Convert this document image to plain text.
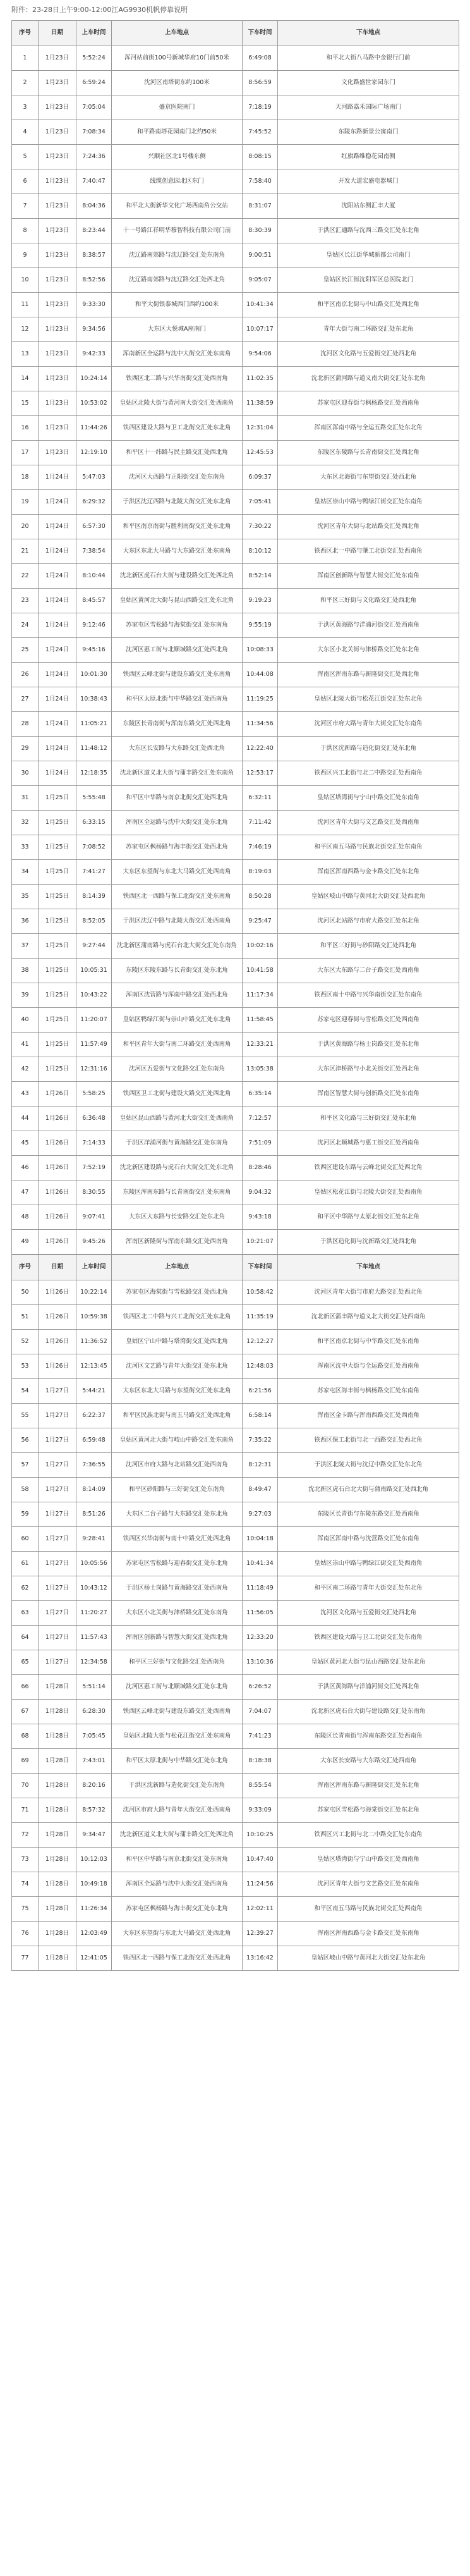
附件：23-28日上午9:00-12:00江AG9930机帆停靠说明
序号	日期	上车时间	上车地点	下车时间	下车地点
1	1月23日	5:52:24	浑河站前街100号新城华府10门前50米	6:49:08	和平北大街八马路中金银行门前
2	1月23日	6:59:24	沈河区南塔街东约100米	8:56:59	文化路盛世家园东门
3	1月23日	7:05:04	盛京医院南门	7:18:19	天河路嘉禾国际广场南门
4	1月23日	7:08:34	和平路南塔花园南门北约50米	7:45:52	东陵东路新景公寓南门
5	1月23日	7:24:36	兴顺社区北1号楼东侧	8:08:15	红旗路维稳花园南侧
6	1月23日	7:40:47	线缆创意园北区东门	7:58:40	开发大道宏盛电器城门
7	1月23日	8:04:36	和平北大街新华文化广场西南角公交站	8:31:07	沈阳站东侧汇丰大厦
8	1月23日	8:23:44	十一号路江祥明华穆智科技有限公司门前	8:30:39	于洪区汇通路与沈西三路交汇处东北角
9	1月23日	8:38:57	沈辽路南郊路与沈辽路交汇处东南角	9:00:51	皇姑区长江街华城新都公司南门
10	1月23日	8:52:56	沈辽路南郊路与沈辽路交汇处西北角	9:05:07	皇姑区长江街沈阳军区总医院北门
11	1月23日	9:33:30	和平大街银泰城西门西约100米	10:41:34	和平区南京北街与中山路交汇处西北角
12	1月23日	9:34:56	大东区大悦城A座南门	10:07:17	青年大街与南二环路交汇处东北角
13	1月23日	9:42:33	浑南新区全运路与沈中大街交汇处东南角	9:54:06	沈河区文化路与五爱街交汇处西北角
14	1月23日	10:24:14	铁西区北二路与兴华南街交汇处西南角	11:02:35	沈北新区蒲河路与道义南大街交汇处东北角
15	1月23日	10:53:02	皇姑区北陵大街与黄河南大街交汇处西南角	11:38:59	苏家屯区迎春街与枫杨路交汇处西南角
16	1月23日	11:44:26	铁西区建设大路与卫工北街交汇处东北角	12:31:04	浑南区浑南中路与全运五路交汇处东北角
17	1月23日	12:19:10	和平区十一纬路与民主路交汇处西北角	12:45:53	东陵区东陵路与长青南街交汇处西北角
18	1月24日	5:47:03	沈河区大西路与正阳街交汇处东南角	6:09:37	大东区北海街与东望街交汇处西北角
19	1月24日	6:29:32	于洪区沈辽西路与北陵大街交汇处东北角	7:05:41	皇姑区崇山中路与鸭绿江街交汇处东南角
20	1月24日	6:57:30	和平区南京南街与胜利南街交汇处东北角	7:30:22	沈河区青年大街与北站路交汇处西北角
21	1月24日	7:38:54	大东区东北大马路与大东路交汇处东南角	8:10:12	铁西区北一中路与肇工北街交汇处西南角
22	1月24日	8:10:44	沈北新区虎石台大街与建设路交汇处西北角	8:52:14	浑南区创新路与智慧大街交汇处东南角
23	1月24日	8:45:57	皇姑区黄河北大街与昆山西路交汇处东北角	9:19:23	和平区三好街与文化路交汇处西北角
24	1月24日	9:12:46	苏家屯区雪松路与海棠街交汇处东南角	9:55:19	于洪区黄海路与洋浦河街交汇处西南角
25	1月24日	9:45:16	沈河区惠工街与北顺城路交汇处西北角	10:08:33	大东区小北关街与津桥路交汇处东北角
26	1月24日	10:01:30	铁西区云峰北街与建设东路交汇处东南角	10:44:08	浑南区浑南东路与新隆街交汇处西北角
27	1月24日	10:38:43	和平区太原北街与中华路交汇处西南角	11:19:25	皇姑区北陵大街与松花江街交汇处东北角
28	1月24日	11:05:21	东陵区长青南街与浑南东路交汇处西北角	11:34:56	沈河区市府大路与青年大街交汇处东南角
29	1月24日	11:48:12	大东区长安路与大东路交汇处西北角	12:22:40	于洪区沈新路与造化街交汇处东北角
30	1月24日	12:18:35	沈北新区道义北大街与蒲丰路交汇处东南角	12:53:17	铁西区兴工北街与北二中路交汇处西南角
31	1月25日	5:55:48	和平区中华路与南京北街交汇处西北角	6:32:11	皇姑区塔湾街与宁山中路交汇处东南角
32	1月25日	6:33:15	浑南区全运路与沈中大街交汇处东北角	7:11:42	沈河区青年大街与文艺路交汇处西南角
33	1月25日	7:08:52	苏家屯区枫杨路与海丰街交汇处西北角	7:46:19	和平区南五马路与民族北街交汇处东南角
34	1月25日	7:41:27	大东区东望街与东北大马路交汇处西南角	8:19:03	浑南区浑南西路与金卡路交汇处东北角
35	1月25日	8:14:39	铁西区北一西路与保工北街交汇处东南角	8:50:28	皇姑区岐山中路与黄河北大街交汇处西北角
36	1月25日	8:52:05	于洪区沈辽中路与北陵大街交汇处西南角	9:25:47	沈河区北站路与市府大路交汇处东北角
37	1月25日	9:27:44	沈北新区蒲南路与虎石台北大街交汇处东南角	10:02:16	和平区三好街与砂阳路交汇处西北角
38	1月25日	10:05:31	东陵区东陵东路与长青街交汇处东北角	10:41:58	大东区大东路与二台子路交汇处西南角
39	1月25日	10:43:22	浑南区沈营路与浑南中路交汇处西北角	11:17:34	铁西区南十中路与兴华南街交汇处东南角
40	1月25日	11:20:07	皇姑区鸭绿江街与崇山中路交汇处东北角	11:58:45	苏家屯区迎春街与雪松路交汇处西南角
41	1月25日	11:57:49	和平区青年大街与南二环路交汇处西南角	12:33:21	于洪区黄海路与杨士岗路交汇处东北角
42	1月25日	12:31:16	沈河区五爱街与文化路交汇处东南角	13:05:38	大东区津桥路与小北关街交汇处西北角
43	1月26日	5:58:25	铁西区卫工北街与建设大路交汇处西北角	6:35:14	浑南区智慧大街与创新路交汇处东南角
44	1月26日	6:36:48	皇姑区昆山西路与黄河北大街交汇处西南角	7:12:57	和平区文化路与三好街交汇处东北角
45	1月26日	7:14:33	于洪区洋浦河街与黄海路交汇处东南角	7:51:09	沈河区北顺城路与惠工街交汇处西南角
46	1月26日	7:52:19	沈北新区建设路与虎石台大街交汇处东北角	8:28:46	铁西区建设东路与云峰北街交汇处西北角
47	1月26日	8:30:55	东陵区浑南东路与长青南街交汇处东南角	9:04:32	皇姑区松花江街与北陵大街交汇处西南角
48	1月26日	9:07:41	大东区大东路与长安路交汇处东北角	9:43:18	和平区中华路与太原北街交汇处东北角
49	1月26日	9:45:26	浑南区新隆街与浑南东路交汇处西南角	10:21:07	于洪区造化街与沈新路交汇处西北角
序号	日期	上车时间	上车地点	下车时间	下车地点
50	1月26日	10:22:14	苏家屯区海棠街与雪松路交汇处西北角	10:58:42	沈河区青年大街与市府大路交汇处西北角
51	1月26日	10:59:38	铁西区北二中路与兴工北街交汇处东北角	11:35:19	沈北新区蒲丰路与道义北大街交汇处西南角
52	1月26日	11:36:52	皇姑区宁山中路与塔湾街交汇处西北角	12:12:27	和平区南京北街与中华路交汇处东南角
53	1月26日	12:13:45	沈河区文艺路与青年大街交汇处东北角	12:48:03	浑南区沈中大街与全运路交汇处西南角
54	1月27日	5:44:21	大东区东北大马路与东望街交汇处东北角	6:21:56	苏家屯区海丰街与枫杨路交汇处东南角
55	1月27日	6:22:37	和平区民族北街与南五马路交汇处西北角	6:58:14	浑南区金卡路与浑南西路交汇处西南角
56	1月27日	6:59:48	皇姑区黄河北大街与岐山中路交汇处东南角	7:35:22	铁西区保工北街与北一西路交汇处西北角
57	1月27日	7:36:55	沈河区市府大路与北站路交汇处西南角	8:12:31	于洪区北陵大街与沈辽中路交汇处东北角
58	1月27日	8:14:09	和平区砂阳路与三好街交汇处东南角	8:49:47	沈北新区虎石台北大街与蒲南路交汇处西北角
59	1月27日	8:51:26	大东区二台子路与大东路交汇处东北角	9:27:03	东陵区长青街与东陵东路交汇处西南角
60	1月27日	9:28:41	铁西区兴华南街与南十中路交汇处西北角	10:04:18	浑南区浑南中路与沈营路交汇处东南角
61	1月27日	10:05:56	苏家屯区雪松路与迎春街交汇处东北角	10:41:34	皇姑区崇山中路与鸭绿江街交汇处西南角
62	1月27日	10:43:12	于洪区杨士岗路与黄海路交汇处西南角	11:18:49	和平区南二环路与青年大街交汇处东北角
63	1月27日	11:20:27	大东区小北关街与津桥路交汇处东南角	11:56:05	沈河区文化路与五爱街交汇处西北角
64	1月27日	11:57:43	浑南区创新路与智慧大街交汇处西北角	12:33:20	铁西区建设大路与卫工北街交汇处东南角
65	1月27日	12:34:58	和平区三好街与文化路交汇处西南角	13:10:36	皇姑区黄河北大街与昆山西路交汇处东北角
66	1月28日	5:51:14	沈河区惠工街与北顺城路交汇处东北角	6:26:52	于洪区黄海路与洋浦河街交汇处西北角
67	1月28日	6:28:30	铁西区云峰北街与建设东路交汇处西南角	7:04:07	沈北新区虎石台大街与建设路交汇处东南角
68	1月28日	7:05:45	皇姑区北陵大街与松花江街交汇处东南角	7:41:23	东陵区长青南街与浑南东路交汇处西南角
69	1月28日	7:43:01	和平区太原北街与中华路交汇处东北角	8:18:38	大东区长安路与大东路交汇处西南角
70	1月28日	8:20:16	于洪区沈新路与造化街交汇处东南角	8:55:54	浑南区浑南东路与新隆街交汇处东北角
71	1月28日	8:57:32	沈河区市府大路与青年大街交汇处西南角	9:33:09	苏家屯区雪松路与海棠街交汇处东北角
72	1月28日	9:34:47	沈北新区道义北大街与蒲丰路交汇处西北角	10:10:25	铁西区兴工北街与北二中路交汇处东南角
73	1月28日	10:12:03	和平区中华路与南京北街交汇处东南角	10:47:40	皇姑区塔湾街与宁山中路交汇处西南角
74	1月28日	10:49:18	浑南区全运路与沈中大街交汇处西南角	11:24:56	沈河区青年大街与文艺路交汇处东南角
75	1月28日	11:26:34	苏家屯区枫杨路与海丰街交汇处东北角	12:02:11	和平区南五马路与民族北街交汇处西南角
76	1月28日	12:03:49	大东区东望街与东北大马路交汇处西北角	12:39:27	浑南区浑南西路与金卡路交汇处东南角
77	1月28日	12:41:05	铁西区北一西路与保工北街交汇处西北角	13:16:42	皇姑区岐山中路与黄河北大街交汇处东北角
